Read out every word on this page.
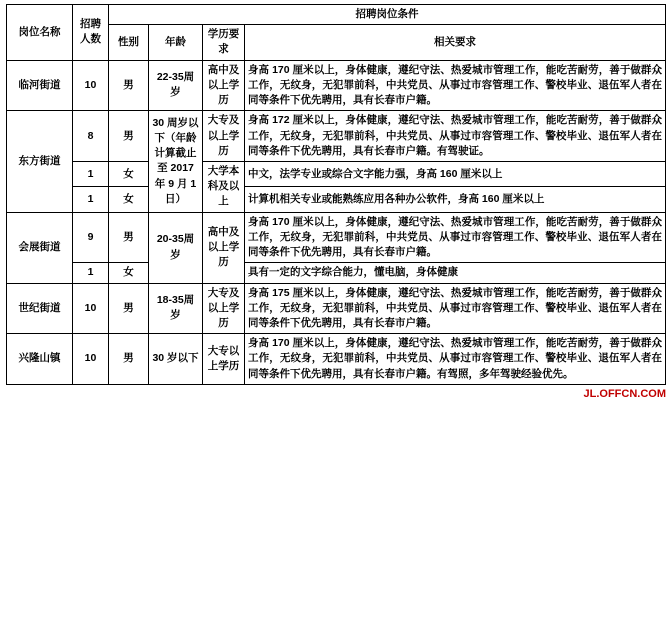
岗位名称	招聘人数	招聘岗位条件			
		性别	年龄	学历要求	相关要求
临河街道	10	男	22-35周岁	高中及以上学历	身高 170 厘米以上，身体健康，遵纪守法、热爱城市管理工作，能吃苦耐劳，善于做群众工作，无纹身，无犯罪前科，中共党员、从事过市容管理工作、警校毕业、退伍军人者在同等条件下优先聘用，具有长春市户籍。
东方街道	8	男	30 周岁以下（年龄计算截止至 2017 年 9 月 1 日）	大专及以上学历	身高 172 厘米以上，身体健康，遵纪守法、热爱城市管理工作，能吃苦耐劳，善于做群众工作，无纹身，无犯罪前科，中共党员、从事过市容管理工作、警校毕业、退伍军人者在同等条件下优先聘用，具有长春市户籍。有驾驶证。
	1	女		大学本科及以上	中文，法学专业或综合文字能力强，身高 160 厘米以上
	1	女			计算机相关专业或能熟练应用各种办公软件，身高 160 厘米以上
会展街道	9	男	20-35周岁	高中及以上学历	身高 170 厘米以上，身体健康，遵纪守法、热爱城市管理工作，能吃苦耐劳，善于做群众工作，无纹身，无犯罪前科，中共党员、从事过市容管理工作、警校毕业、退伍军人者在同等条件下优先聘用，具有长春市户籍。
	1	女			具有一定的文字综合能力，懂电脑，身体健康
世纪街道	10	男	18-35周岁	大专及以上学历	身高 175 厘米以上，身体健康，遵纪守法、热爱城市管理工作，能吃苦耐劳，善于做群众工作，无纹身，无犯罪前科，中共党员、从事过市容管理工作、警校毕业、退伍军人者在同等条件下优先聘用，具有长春市户籍。
兴隆山镇	10	男	30 岁以下	大专以上学历	身高 170 厘米以上，身体健康，遵纪守法、热爱城市管理工作，能吃苦耐劳，善于做群众工作，无纹身，无犯罪前科，中共党员、从事过市容管理工作、警校毕业、退伍军人者在同等条件下优先聘用，具有长春市户籍。有驾照，多年驾驶经验优先。
JL.OFFCN.COM
